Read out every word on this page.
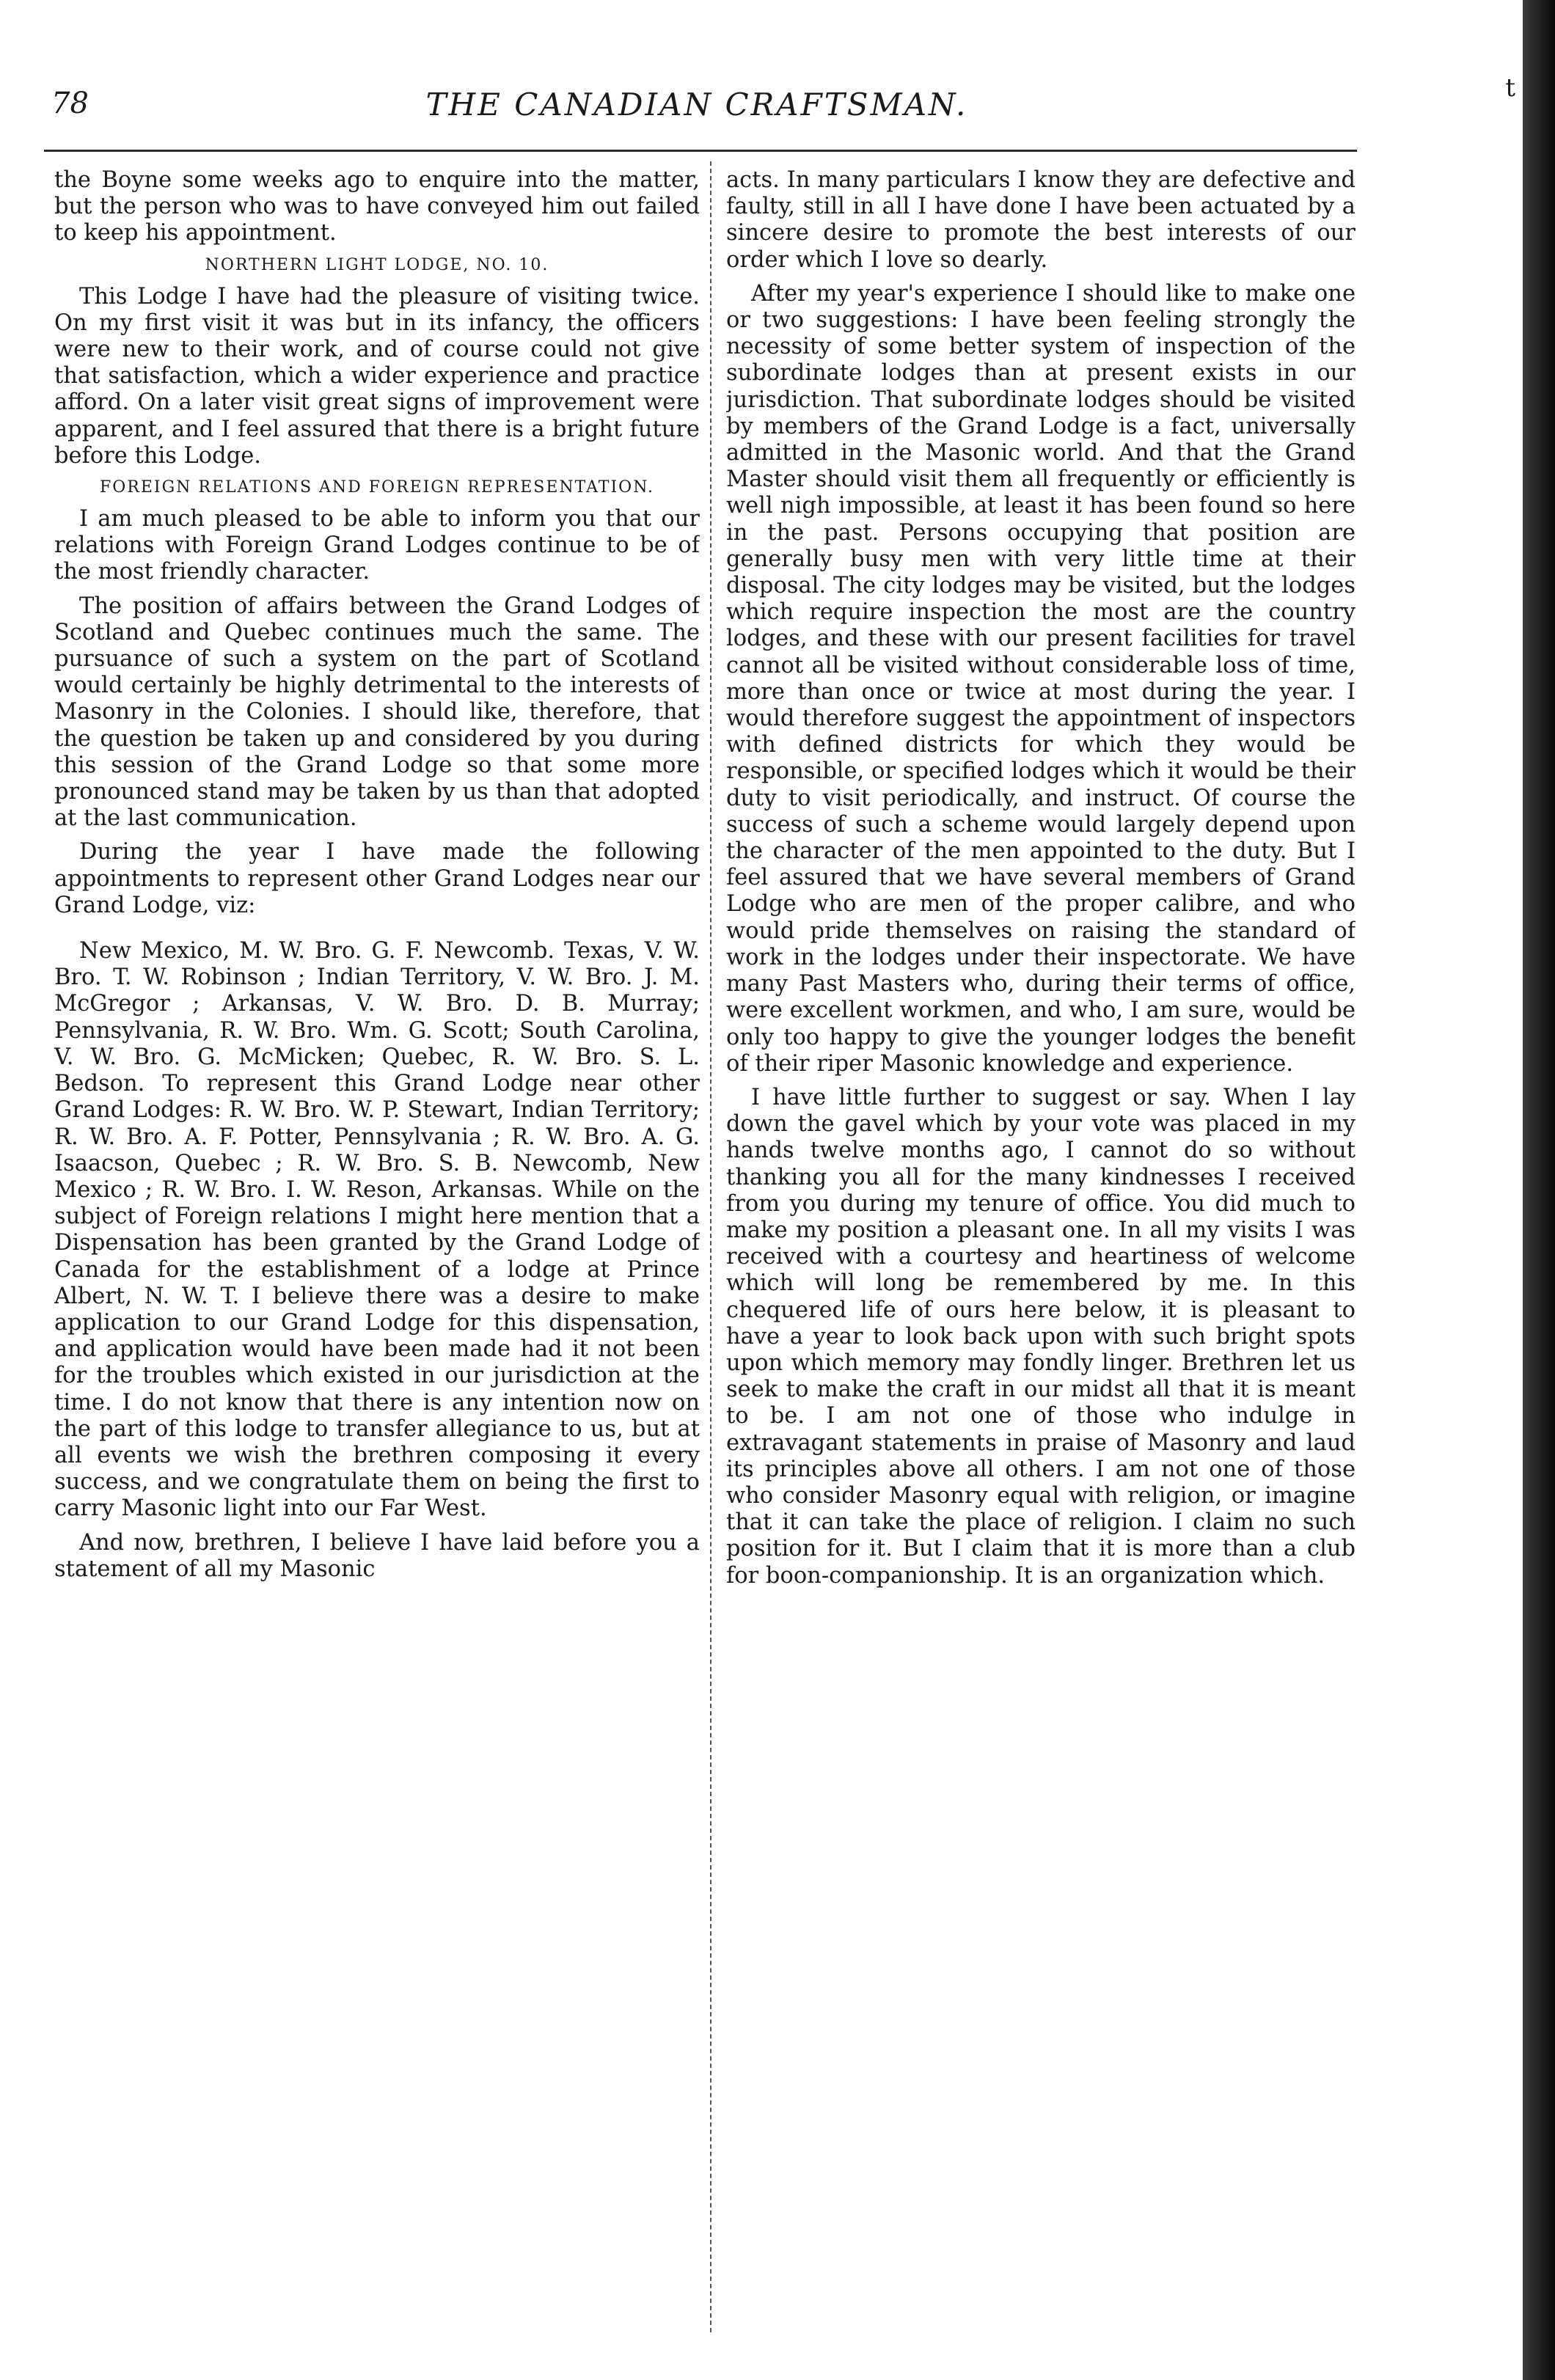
78	THE CANADIAN CRAFTSMAN.

the Boyne some weeks ago to enquire into the matter, but the person who was to have conveyed him out failed to keep his appointment.

NORTHERN LIGHT LODGE, NO. 10.

This Lodge I have had the pleasure of visiting twice. On my first visit it was but in its infancy, the officers were new to their work, and of course could not give that satisfaction, which a wider experience and practice afford. On a later visit great signs of improvement were apparent, and I feel assured that there is a bright future before this Lodge.

FOREIGN RELATIONS AND FOREIGN REPRESENTATION.

I am much pleased to be able to inform you that our relations with Foreign Grand Lodges continue to be of the most friendly character.

The position of affairs between the Grand Lodges of Scotland and Quebec continues much the same. The pursuance of such a system on the part of Scotland would certainly be highly detrimental to the interests of Masonry in the Colonies. I should like, therefore, that the question be taken up and considered by you during this session of the Grand Lodge so that some more pronounced stand may be taken by us than that adopted at the last communication.

During the year I have made the following appointments to represent other Grand Lodges near our Grand Lodge, viz:

New Mexico, M. W. Bro. G. F. Newcomb. Texas, V. W. Bro. T. W. Robinson ; Indian Territory, V. W. Bro. J. M. McGregor ; Arkansas, V. W. Bro. D. B. Murray; Pennsylvania, R. W. Bro. Wm. G. Scott; South Carolina, V. W. Bro. G. McMicken; Quebec, R. W. Bro. S. L. Bedson. To represent this Grand Lodge near other Grand Lodges: R. W. Bro. W. P. Stewart, Indian Territory; R. W. Bro. A. F. Potter, Pennsylvania ; R. W. Bro. A. G. Isaacson, Quebec ; R. W. Bro. S. B. Newcomb, New Mexico ; R. W. Bro. I. W. Reson, Arkansas. While on the subject of Foreign relations I might here mention that a Dispensation has been granted by the Grand Lodge of Canada for the establishment of a lodge at Prince Albert, N. W. T. I believe there was a desire to make application to our Grand Lodge for this dispensation, and application would have been made had it not been for the troubles which existed in our jurisdiction at the time. I do not know that there is any intention now on the part of this lodge to transfer allegiance to us, but at all events we wish the brethren composing it every success, and we congratulate them on being the first to carry Masonic light into our Far West.

And now, brethren, I believe I have laid before you a statement of all my Masonic

acts. In many particulars I know they are defective and faulty, still in all I have done I have been actuated by a sincere desire to promote the best interests of our order which I love so dearly.

After my year's experience I should like to make one or two suggestions: I have been feeling strongly the necessity of some better system of inspection of the subordinate lodges than at present exists in our jurisdiction. That subordinate lodges should be visited by members of the Grand Lodge is a fact, universally admitted in the Masonic world. And that the Grand Master should visit them all frequently or efficiently is well nigh impossible, at least it has been found so here in the past. Persons occupying that position are generally busy men with very little time at their disposal. The city lodges may be visited, but the lodges which require inspection the most are the country lodges, and these with our present facilities for travel cannot all be visited without considerable loss of time, more than once or twice at most during the year. I would therefore suggest the appointment of inspectors with defined districts for which they would be responsible, or specified lodges which it would be their duty to visit periodically, and instruct. Of course the success of such a scheme would largely depend upon the character of the men appointed to the duty. But I feel assured that we have several members of Grand Lodge who are men of the proper calibre, and who would pride themselves on raising the standard of work in the lodges under their inspectorate. We have many Past Masters who, during their terms of office, were excellent workmen, and who, I am sure, would be only too happy to give the younger lodges the benefit of their riper Masonic knowledge and experience.

I have little further to suggest or say. When I lay down the gavel which by your vote was placed in my hands twelve months ago, I cannot do so without thanking you all for the many kindnesses I received from you during my tenure of office. You did much to make my position a pleasant one. In all my visits I was received with a courtesy and heartiness of welcome which will long be remembered by me. In this chequered life of ours here below, it is pleasant to have a year to look back upon with such bright spots upon which memory may fondly linger. Brethren let us seek to make the craft in our midst all that it is meant to be. I am not one of those who indulge in extravagant statements in praise of Masonry and laud its principles above all others. I am not one of those who consider Masonry equal with religion, or imagine that it can take the place of religion. I claim no such position for it. But I claim that it is more than a club for boon-companionship. It is an organization which.

t
